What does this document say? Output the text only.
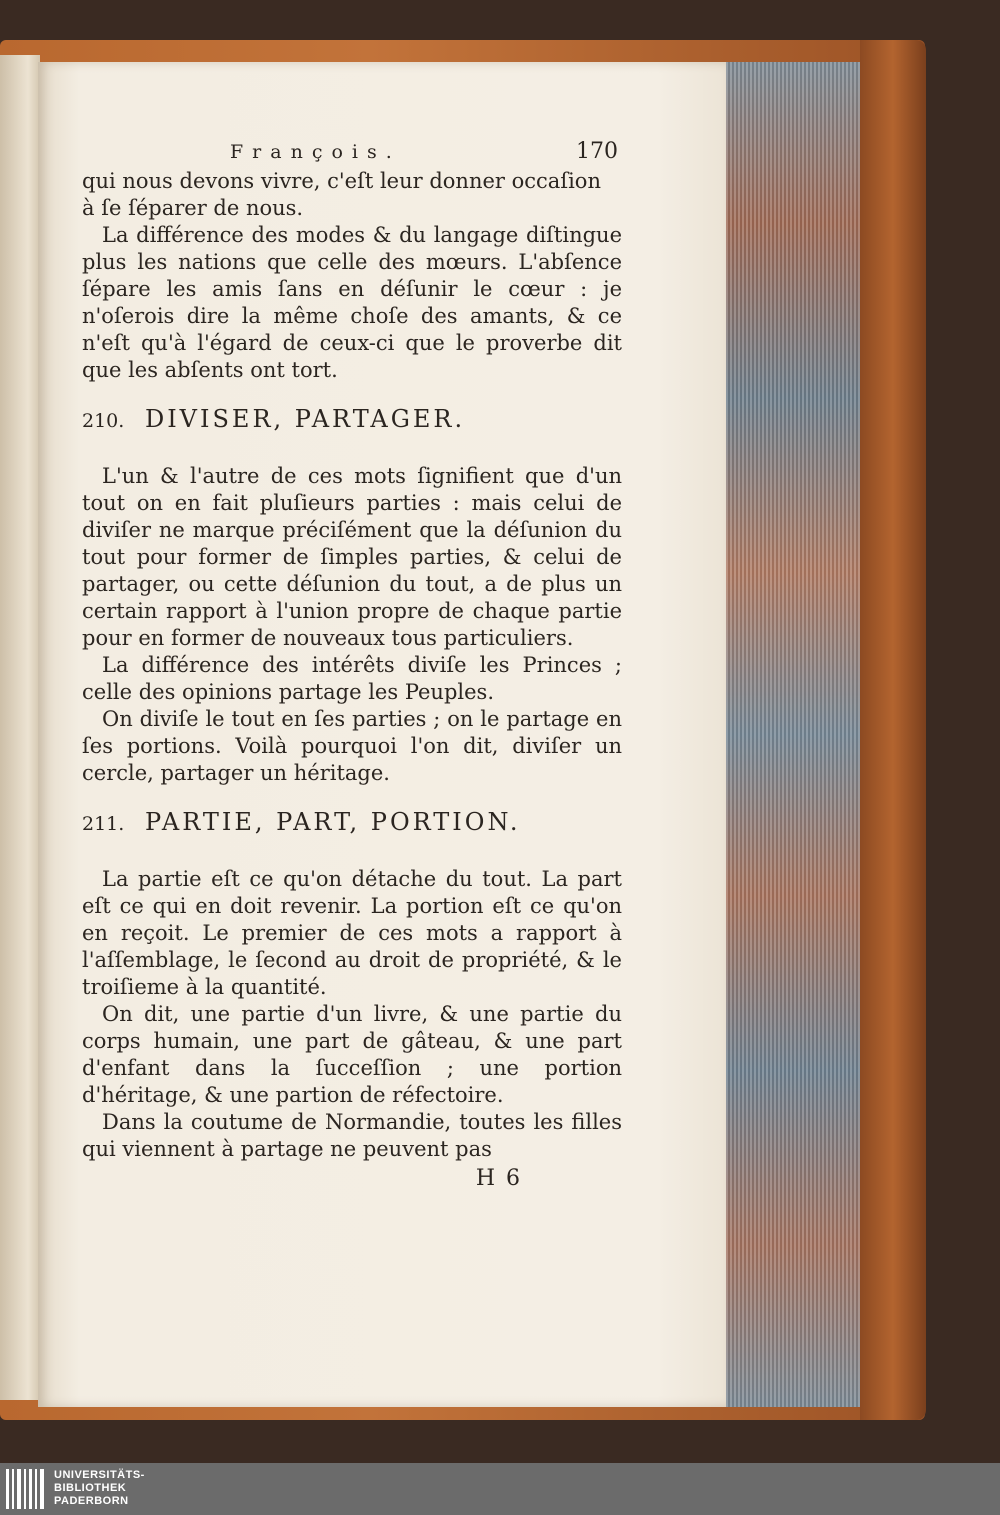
François.	170

qui nous devons vivre, c'eſt leur donner occaſion

à ſe ſéparer de nous.

La différence des modes & du langage diſtingue plus les nations que celle des mœurs. L'abſence ſépare les amis ſans en déſunir le cœur : je n'oſerois dire la même choſe des amants, & ce n'eſt qu'à l'égard de ceux-ci que le proverbe dit que les abſents ont tort.

210. DIVISER, PARTAGER.

L'un & l'autre de ces mots ſignifient que d'un tout on en fait pluſieurs parties : mais celui de diviſer ne marque préciſément que la déſunion du tout pour former de ſimples parties, & celui de partager, ou cette déſunion du tout, a de plus un certain rapport à l'union propre de chaque partie pour en former de nouveaux tous particuliers.

La différence des intérêts diviſe les Princes ; celle des opinions partage les Peuples.

On diviſe le tout en ſes parties ; on le partage en ſes portions. Voilà pourquoi l'on dit, diviſer un cercle, partager un héritage.

211. PARTIE, PART, PORTION.

La partie eſt ce qu'on détache du tout. La part eſt ce qui en doit revenir. La portion eſt ce qu'on en reçoit. Le premier de ces mots a rapport à l'aſſemblage, le ſecond au droit de propriété, & le troiſieme à la quantité.

On dit, une partie d'un livre, & une partie du corps humain, une part de gâteau, & une part d'enfant dans la ſucceſſion ; une portion d'héritage, & une partion de réfectoire.

Dans la coutume de Normandie, toutes les filles qui viennent à partage ne peuvent pas

H 6
UNIVERSITÄTS-
BIBLIOTHEK
PADERBORN
